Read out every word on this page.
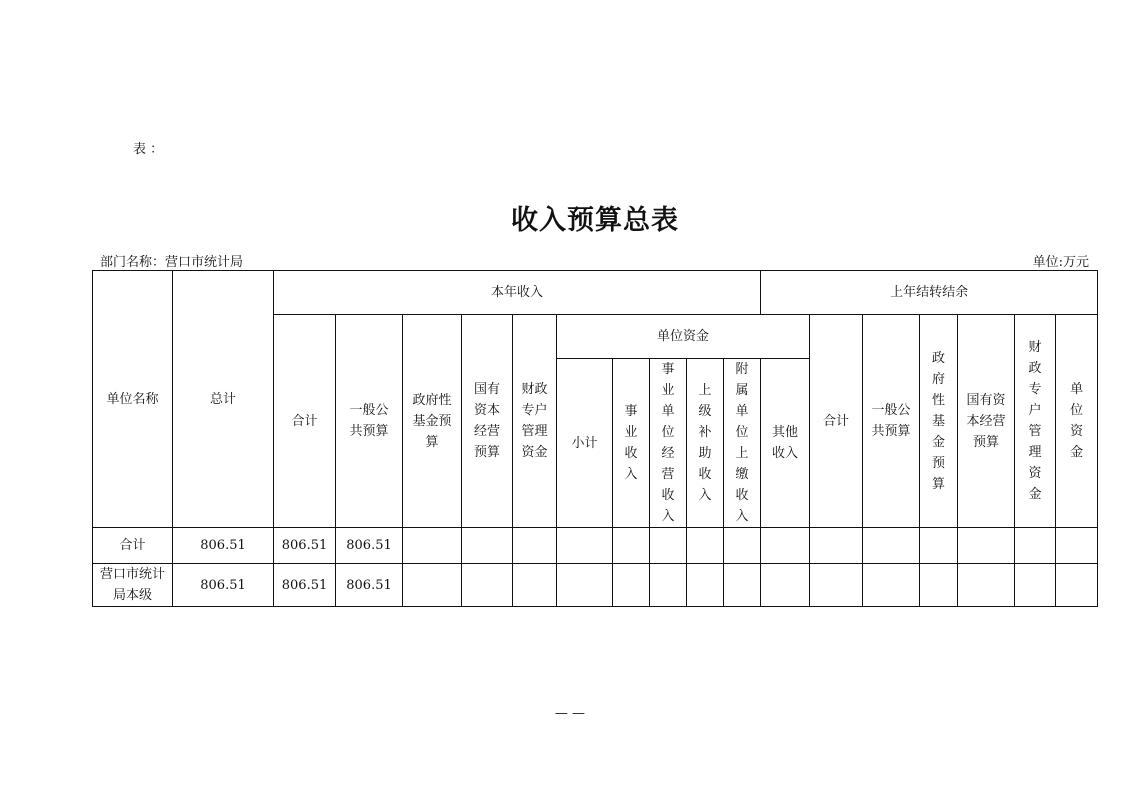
表 ：
收入预算总表
部门名称：营口市统计局	单位:万元
单位名称	总计	本年收入										上年结转结余						
		合计	一般公共预算	政府性基金预算	国有资本经营预算	财政专户管理资金	单位资金						合计	一般公共预算	政府性基金预算	国有资本经营预算	财政专户管理资金	单位资金
							小计	事业收入	事业单位经营收入	上级补助收入	附属单位上缴收入	其他收入						
合计	806.51	806.51	806.51															
营口市统计局本级	806.51	806.51	806.51															
— —
